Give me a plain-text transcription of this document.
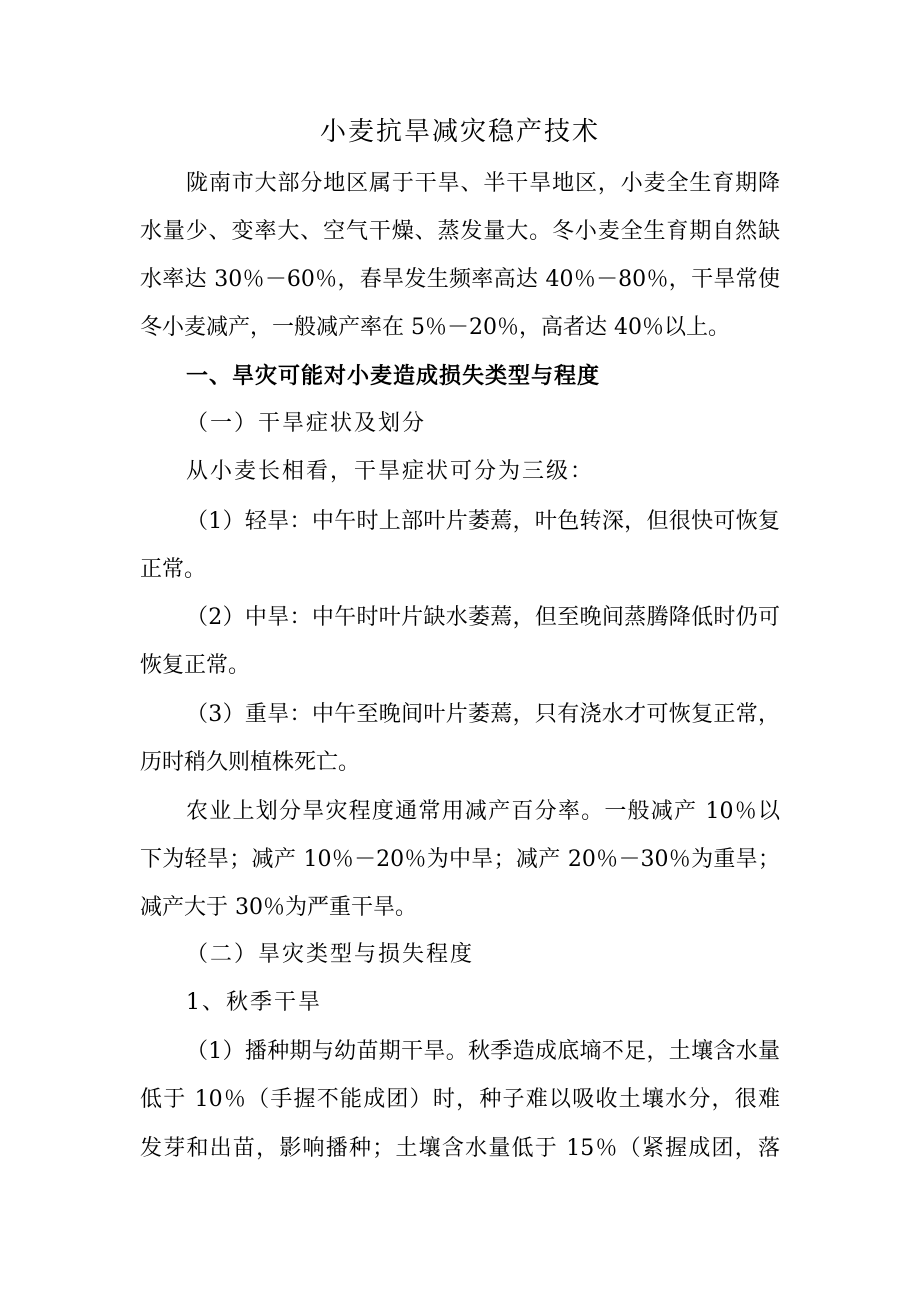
小麦抗旱减灾稳产技术
陇南市大部分地区属于干旱、半干旱地区，小麦全生育期降
水量少、变率大、空气干燥、蒸发量大。冬小麦全生育期自然缺
水率达 30％－60％，春旱发生频率高达 40％－80％，干旱常使
冬小麦减产，一般减产率在 5％－20％，高者达 40％以上。
一、旱灾可能对小麦造成损失类型与程度
（一）干旱症状及划分
从小麦长相看，干旱症状可分为三级：
（1）轻旱：中午时上部叶片萎蔫，叶色转深，但很快可恢复
正常。
（2）中旱：中午时叶片缺水萎蔫，但至晚间蒸腾降低时仍可
恢复正常。
（3）重旱：中午至晚间叶片萎蔫，只有浇水才可恢复正常，
历时稍久则植株死亡。
农业上划分旱灾程度通常用减产百分率。一般减产 10％以
下为轻旱；减产 10％－20％为中旱；减产 20％－30％为重旱；
减产大于 30％为严重干旱。
（二）旱灾类型与损失程度
1、秋季干旱
（1）播种期与幼苗期干旱。秋季造成底墒不足，土壤含水量
低于 10％（手握不能成团）时，种子难以吸收土壤水分，很难
发芽和出苗，影响播种；土壤含水量低于 15％（紧握成团，落
